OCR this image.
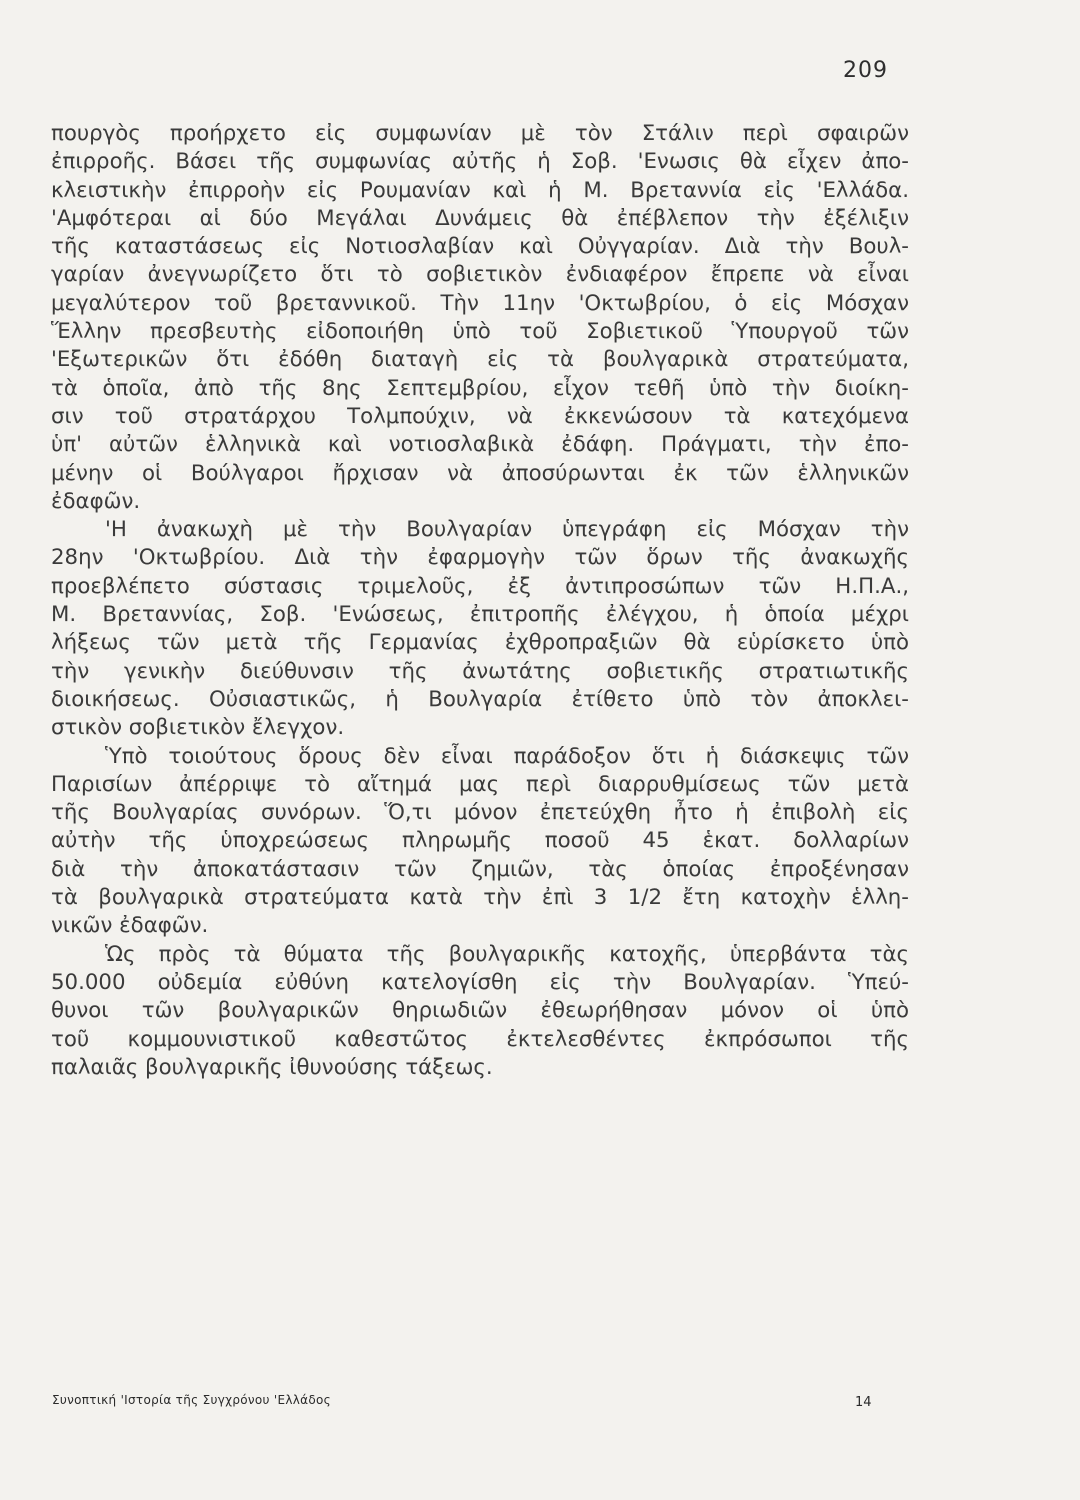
209
πουργὸς προήρχετο εἰς συμφωνίαν μὲ τὸν Στάλιν περὶ σφαιρῶν
ἐπιρροῆς. Βάσει τῆς συμφωνίας αὐτῆς ἡ Σοβ. 'Ενωσις θὰ εἶχεν ἀπο-
κλειστικὴν ἐπιρροὴν εἰς Ρουμανίαν καὶ ἡ Μ. Βρεταννία εἰς 'Ελλάδα.
'Αμφότεραι αἱ δύο Μεγάλαι Δυνάμεις θὰ ἐπέβλεπον τὴν ἐξέλιξιν
τῆς καταστάσεως εἰς Νοτιοσλαβίαν καὶ Οὐγγαρίαν. Διὰ τὴν Βουλ-
γαρίαν ἀνεγνωρίζετο ὅτι τὸ σοβιετικὸν ἐνδιαφέρον ἔπρεπε νὰ εἶναι
μεγαλύτερον τοῦ βρεταννικοῦ. Τὴν 11ην 'Οκτωβρίου, ὁ εἰς Μόσχαν
Ἕλλην πρεσβευτὴς εἰδοποιήθη ὑπὸ τοῦ Σοβιετικοῦ Ὑπουργοῦ τῶν
'Εξωτερικῶν ὅτι ἐδόθη διαταγὴ εἰς τὰ βουλγαρικὰ στρατεύματα,
τὰ ὁποῖα, ἀπὸ τῆς 8ης Σεπτεμβρίου, εἶχον τεθῆ ὑπὸ τὴν διοίκη-
σιν τοῦ στρατάρχου Τολμπούχιν, νὰ ἐκκενώσουν τὰ κατεχόμενα
ὑπ' αὐτῶν ἑλληνικὰ καὶ νοτιοσλαβικὰ ἐδάφη. Πράγματι, τὴν ἐπο-
μένην οἱ Βούλγαροι ἤρχισαν νὰ ἀποσύρωνται ἐκ τῶν ἑλληνικῶν
ἐδαφῶν.
'Η ἀνακωχὴ μὲ τὴν Βουλγαρίαν ὑπεγράφη εἰς Μόσχαν τὴν
28ην 'Οκτωβρίου. Διὰ τὴν ἐφαρμογὴν τῶν ὅρων τῆς ἀνακωχῆς
προεβλέπετο σύστασις τριμελοῦς, ἐξ ἀντιπροσώπων τῶν Η.Π.Α.,
Μ. Βρεταννίας, Σοβ. 'Ενώσεως, ἐπιτροπῆς ἐλέγχου, ἡ ὁποία μέχρι
λήξεως τῶν μετὰ τῆς Γερμανίας ἐχθροπραξιῶν θὰ εὑρίσκετο ὑπὸ
τὴν γενικὴν διεύθυνσιν τῆς ἀνωτάτης σοβιετικῆς στρατιωτικῆς
διοικήσεως. Οὐσιαστικῶς, ἡ Βουλγαρία ἐτίθετο ὑπὸ τὸν ἀποκλει-
στικὸν σοβιετικὸν ἔλεγχον.
Ὑπὸ τοιούτους ὅρους δὲν εἶναι παράδοξον ὅτι ἡ διάσκεψις τῶν
Παρισίων ἀπέρριψε τὸ αἴτημά μας περὶ διαρρυθμίσεως τῶν μετὰ
τῆς Βουλγαρίας συνόρων. Ὅ,τι μόνον ἐπετεύχθη ἦτο ἡ ἐπιβολὴ εἰς
αὐτὴν τῆς ὑποχρεώσεως πληρωμῆς ποσοῦ 45 ἑκατ. δολλαρίων
διὰ τὴν ἀποκατάστασιν τῶν ζημιῶν, τὰς ὁποίας ἐπροξένησαν
τὰ βουλγαρικὰ στρατεύματα κατὰ τὴν ἐπὶ 3 1/2 ἔτη κατοχὴν ἑλλη-
νικῶν ἐδαφῶν.
Ὡς πρὸς τὰ θύματα τῆς βουλγαρικῆς κατοχῆς, ὑπερβάντα τὰς
50.000 οὐδεμία εὐθύνη κατελογίσθη εἰς τὴν Βουλγαρίαν. Ὑπεύ-
θυνοι τῶν βουλγαρικῶν θηριωδιῶν ἐθεωρήθησαν μόνον οἱ ὑπὸ
τοῦ κομμουνιστικοῦ καθεστῶτος ἐκτελεσθέντες ἐκπρόσωποι τῆς
παλαιᾶς βουλγαρικῆς ἰθυνούσης τάξεως.
Συνοπτική 'Ιστορία τῆς Συγχρόνου 'Ελλάδος	14
